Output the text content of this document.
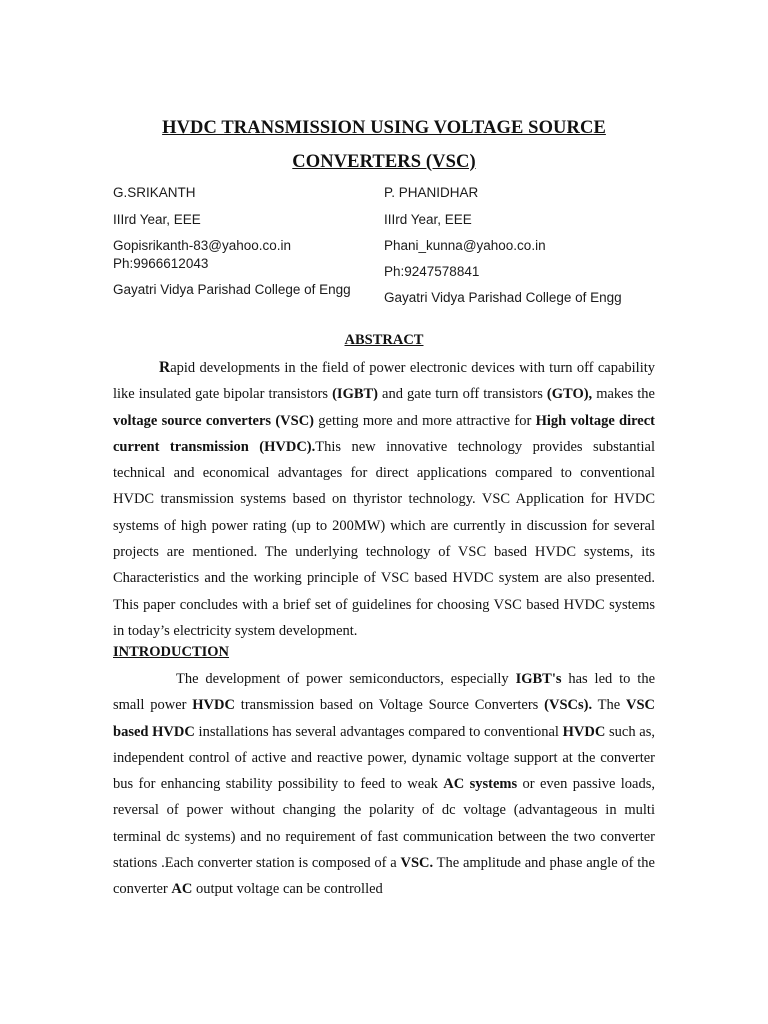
HVDC TRANSMISSION USING VOLTAGE SOURCE
CONVERTERS (VSC)
G.SRIKANTH
IIIrd Year, EEE
Gopisrikanth-83@yahoo.co.in
Ph:9966612043
Gayatri Vidya Parishad College of Engg
P. PHANIDHAR
IIIrd Year, EEE
Phani_kunna@yahoo.co.in
Ph:9247578841
Gayatri Vidya Parishad College of Engg
ABSTRACT
Rapid developments in the field of power electronic devices with turn off capability like insulated gate bipolar transistors (IGBT) and gate turn off transistors (GTO), makes the voltage source converters (VSC) getting more and more attractive for High voltage direct current transmission (HVDC).This new innovative technology provides substantial technical and economical advantages for direct applications compared to conventional HVDC transmission systems based on thyristor technology. VSC Application for HVDC systems of high power rating (up to 200MW) which are currently in discussion for several projects are mentioned. The underlying technology of VSC based HVDC systems, its Characteristics and the working principle of VSC based HVDC system are also presented. This paper concludes with a brief set of guidelines for choosing VSC based HVDC systems in today’s electricity system development.
INTRODUCTION
The development of power semiconductors, especially IGBT's has led to the small power HVDC transmission based on Voltage Source Converters (VSCs). The VSC based HVDC installations has several advantages compared to conventional HVDC such as, independent control of active and reactive power, dynamic voltage support at the converter bus for enhancing stability possibility to feed to weak AC systems or even passive loads, reversal of power without changing the polarity of dc voltage (advantageous in multi terminal dc systems) and no requirement of fast communication between the two converter stations .Each converter station is composed of a VSC. The amplitude and phase angle of the converter AC output voltage can be controlled
